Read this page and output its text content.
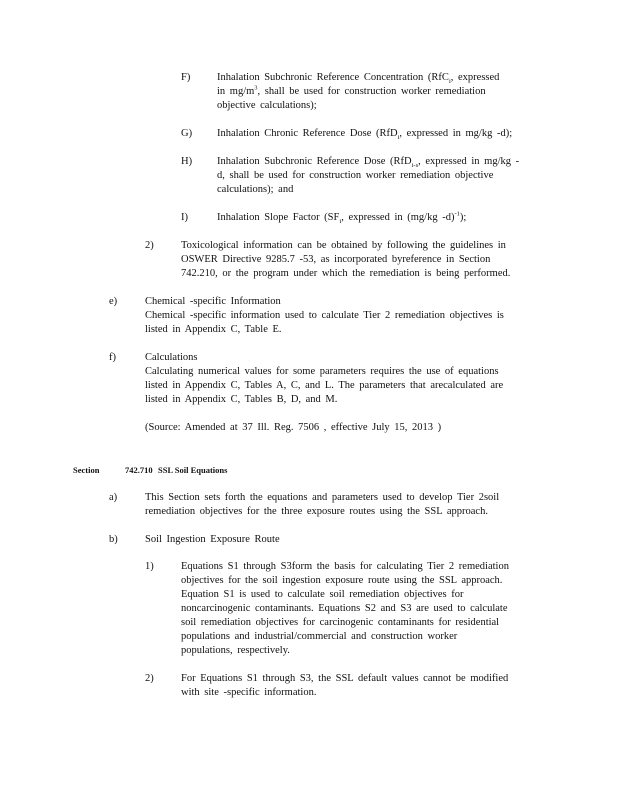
F)	Inhalation Subchronic Reference Concentration (RfC$_i$, expressed
in $mg/m^3$, shall be used for construction worker remediation
objective calculations);
G) Inhalation Chronic Reference Dose (RfD$_i$, expressed in mg/kg -d);
H) Inhalation Subchronic Reference Dose (RfD$_{i-s}$, expressed in mg/kg -
d, shall be used for construction worker remediation objective
calculations); and
I)	Inhalation Slope Factor ($SF_i$, expressed in (mg/kg -d)$^{-1}$);
2)	Toxicological information can be obtained by following the guidelines in
OSWER Directive 9285.7 -53, as incorporated byreference in Section
742.210, or the program under which the remediation is being performed.
e)	Chemical -specific Information
Chemical -specific information used to calculate Tier 2 remediation objectives is
listed in Appendix C, Table E.
f)	Calculations
Calculating numerical values for some parameters requires the use of equations
listed in Appendix C, Tables A, C, and L. The parameters that arecalculated are
listed in Appendix C, Tables B, D, and M.
(Source: Amended at 37 Ill. Reg. 7506 , effective July 15, 2013 )
Section	742.710 SSL Soil Equations
a)	This Section sets forth the equations and parameters used to develop Tier 2soil
remediation objectives for the three exposure routes using the SSL approach.
b)	Soil Ingestion Exposure Route
1)	Equations S1 through S3form the basis for calculating Tier 2 remediation
objectives for the soil ingestion exposure route using the SSL approach.
Equation S1 is used to calculate soil remediation objectives for
noncarcinogenic contaminants. Equations S2 and S3 are used to calculate
soil remediation objectives for carcinogenic contaminants for residential
populations and industrial/commercial and construction worker
populations, respectively.
2)	For Equations S1 through S3, the SSL default values cannot be modified
with site -specific information.
